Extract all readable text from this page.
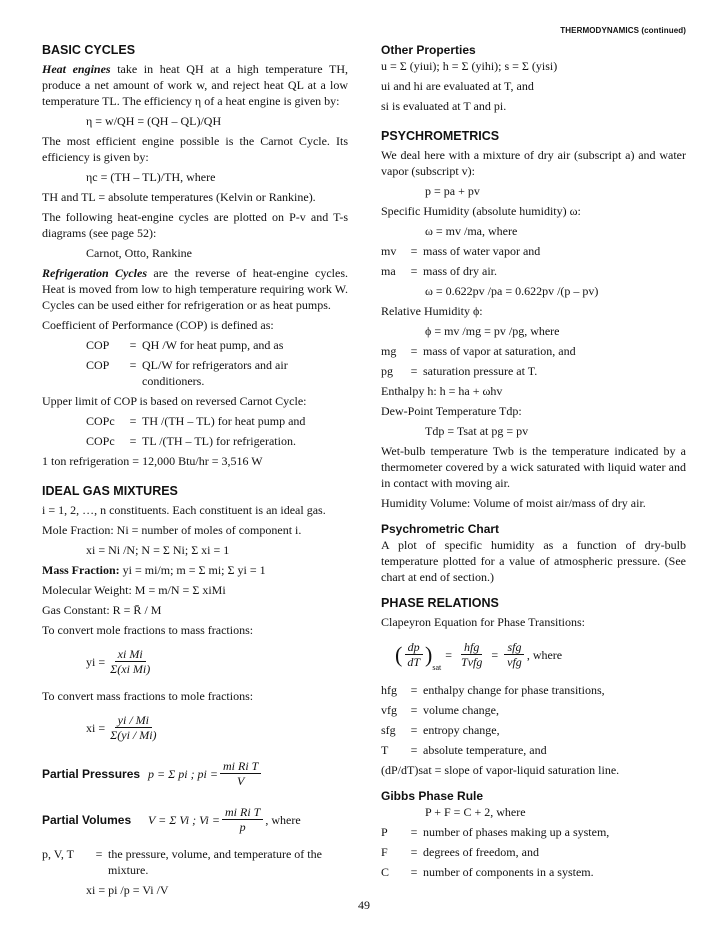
THERMODYNAMICS (continued)
BASIC CYCLES

Heat engines take in heat QH at a high temperature TH, produce a net amount of work w, and reject heat QL at a low temperature TL. The efficiency η of a heat engine is given by:

η = w/QH = (QH – QL)/QH

The most efficient engine possible is the Carnot Cycle. Its efficiency is given by:

ηc = (TH – TL)/TH, where

TH and TL = absolute temperatures (Kelvin or Rankine).

The following heat-engine cycles are plotted on P-v and T-s diagrams (see page 52):

Carnot, Otto, Rankine

Refrigeration Cycles are the reverse of heat-engine cycles. Heat is moved from low to high temperature requiring work W. Cycles can be used either for refrigeration or as heat pumps.

Coefficient of Performance (COP) is defined as:

COP	= QH /W for heat pump, and as
COP	= QL/W for refrigerators and air conditioners.

Upper limit of COP is based on reversed Carnot Cycle:

COPc	= TH /(TH – TL) for heat pump and
COPc	= TL /(TH – TL) for refrigeration.

1 ton refrigeration = 12,000 Btu/hr = 3,516 W

IDEAL GAS MIXTURES

i = 1, 2, …, n constituents. Each constituent is an ideal gas.

Mole Fraction: Ni = number of moles of component i.

xi = Ni /N; N = Σ Ni; Σ xi = 1

Mass Fraction: yi = mi/m; m = Σ mi; Σ yi = 1

Molecular Weight: M = m/N = Σ xiMi

Gas Constant: R = R̄ / M

To convert mole fractions to mass fractions:

yi = $\frac{\text{xi Mi}}{\text{Σ(xi Mi)}}$

To convert mass fractions to mole fractions:

xi = $\frac{yi / Mi}{\Sigma(yi / Mi)}$
Partial Pressures p = Σ pi ; pi = $\frac{\text{mi Ri T}}{V}$
Partial Volumes	V = Σ Vi ; $Vi = \frac{\text{mi Ri T}}{p}$ , where
p, V, T	= the pressure, volume, and temperature of the mixture.

xi = pi /p = Vi /V

Other Properties

u = Σ (yiui); h = Σ (yihi); s = Σ (yisi)

ui and hi are evaluated at T, and

si is evaluated at T and pi.

PSYCHROMETRICS

We deal here with a mixture of dry air (subscript a) and water vapor (subscript v):

p = pa + pv

Specific Humidity (absolute humidity) ω:

ω = mv /ma, where

mv	= mass of water vapor and
ma	= mass of dry air.

ω = 0.622pv /pa = 0.622pv /(p – pv)

Relative Humidity ϕ:

ϕ = mv /mg = pv /pg, where

mg	= mass of vapor at saturation, and
pg	= saturation pressure at T.

Enthalpy h: h = ha + ωhv

Dew-Point Temperature Tdp:

Tdp = Tsat at pg = pv

Wet-bulb temperature Twb is the temperature indicated by a thermometer covered by a wick saturated with liquid water and in contact with moving air.

Humidity Volume: Volume of moist air/mass of dry air.

Psychrometric Chart

A plot of specific humidity as a function of dry-bulb temperature plotted for a value of atmospheric pressure. (See chart at end of section.)

PHASE RELATIONS

Clapeyron Equation for Phase Transitions:

( $\frac{dp}{dT}$ )
$_{sat}$
= $\frac{\text{hfg}}{\text{Tvfg}} = \frac{\text{sfg}}{\text{vfg}}$ , where
hfg	= enthalpy change for phase transitions,
vfg	= volume change,
sfg	= entropy change,
T	= absolute temperature, and

(dP/dT)sat = slope of vapor-liquid saturation line.

Gibbs Phase Rule

P + F = C + 2, where

P	= number of phases making up a system,
F	= degrees of freedom, and
C	= number of components in a system.
49
